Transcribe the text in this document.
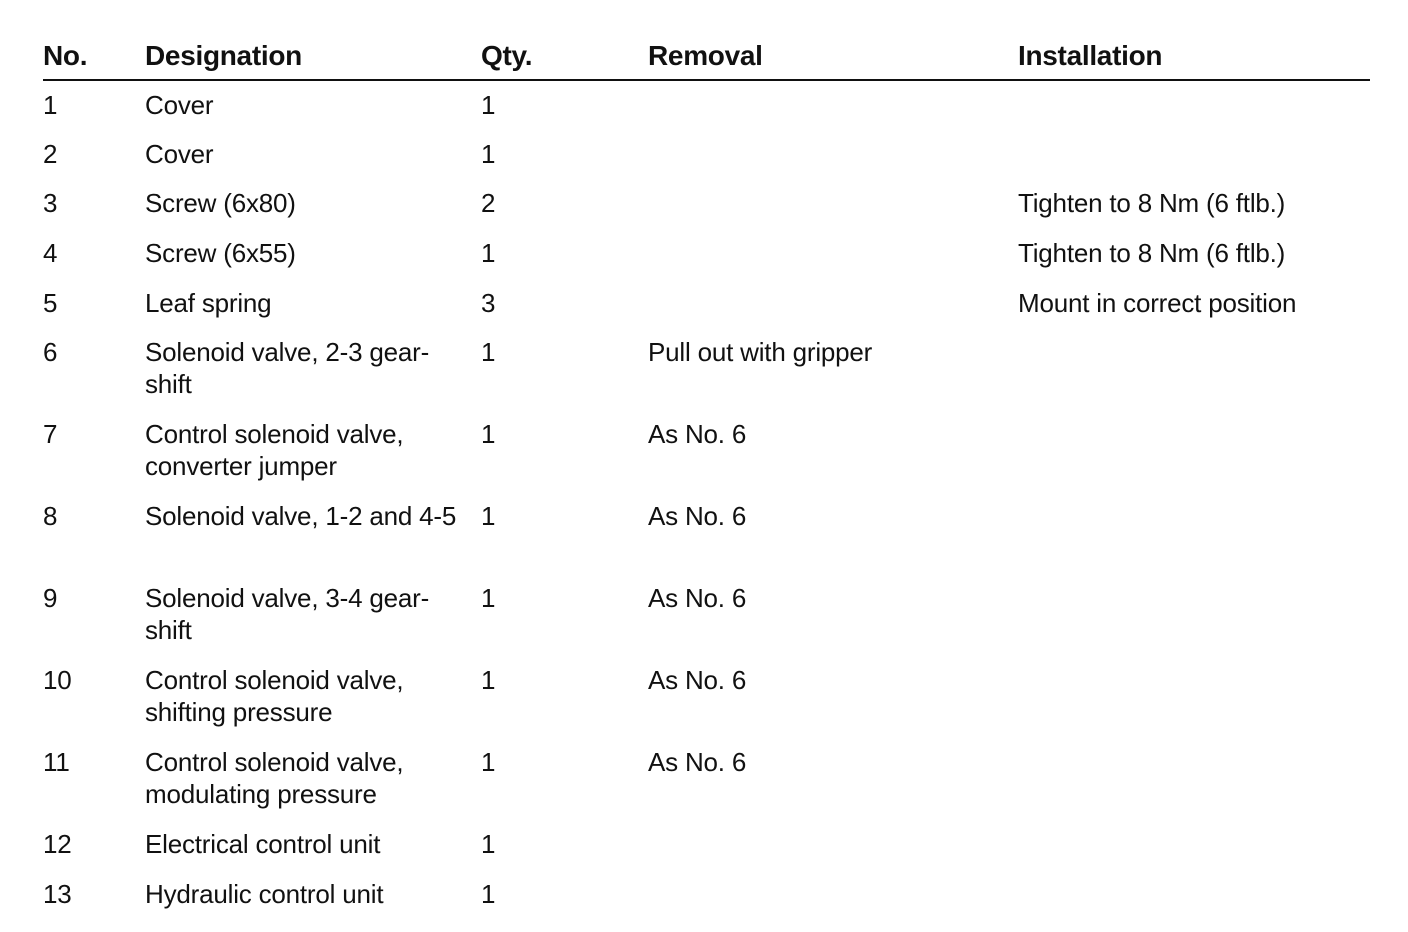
No.	Designation	Qty.	Removal	Installation
1	Cover	1		
2	Cover	1		
3	Screw (6x80)	2		Tighten to 8 Nm (6 ftlb.)
4	Screw (6x55)	1		Tighten to 8 Nm (6 ftlb.)
5	Leaf spring	3		Mount in correct position
6	Solenoid valve, 2-3 gear-shift	1	Pull out with gripper	
7	Control solenoid valve, converter jumper	1	As No. 6	
8	Solenoid valve, 1-2 and 4-5	1	As No. 6	
9	Solenoid valve, 3-4 gear-shift	1	As No. 6	
10	Control solenoid valve, shifting pressure	1	As No. 6	
11	Control solenoid valve, modulating pressure	1	As No. 6	
12	Electrical control unit	1		
13	Hydraulic control unit	1		
